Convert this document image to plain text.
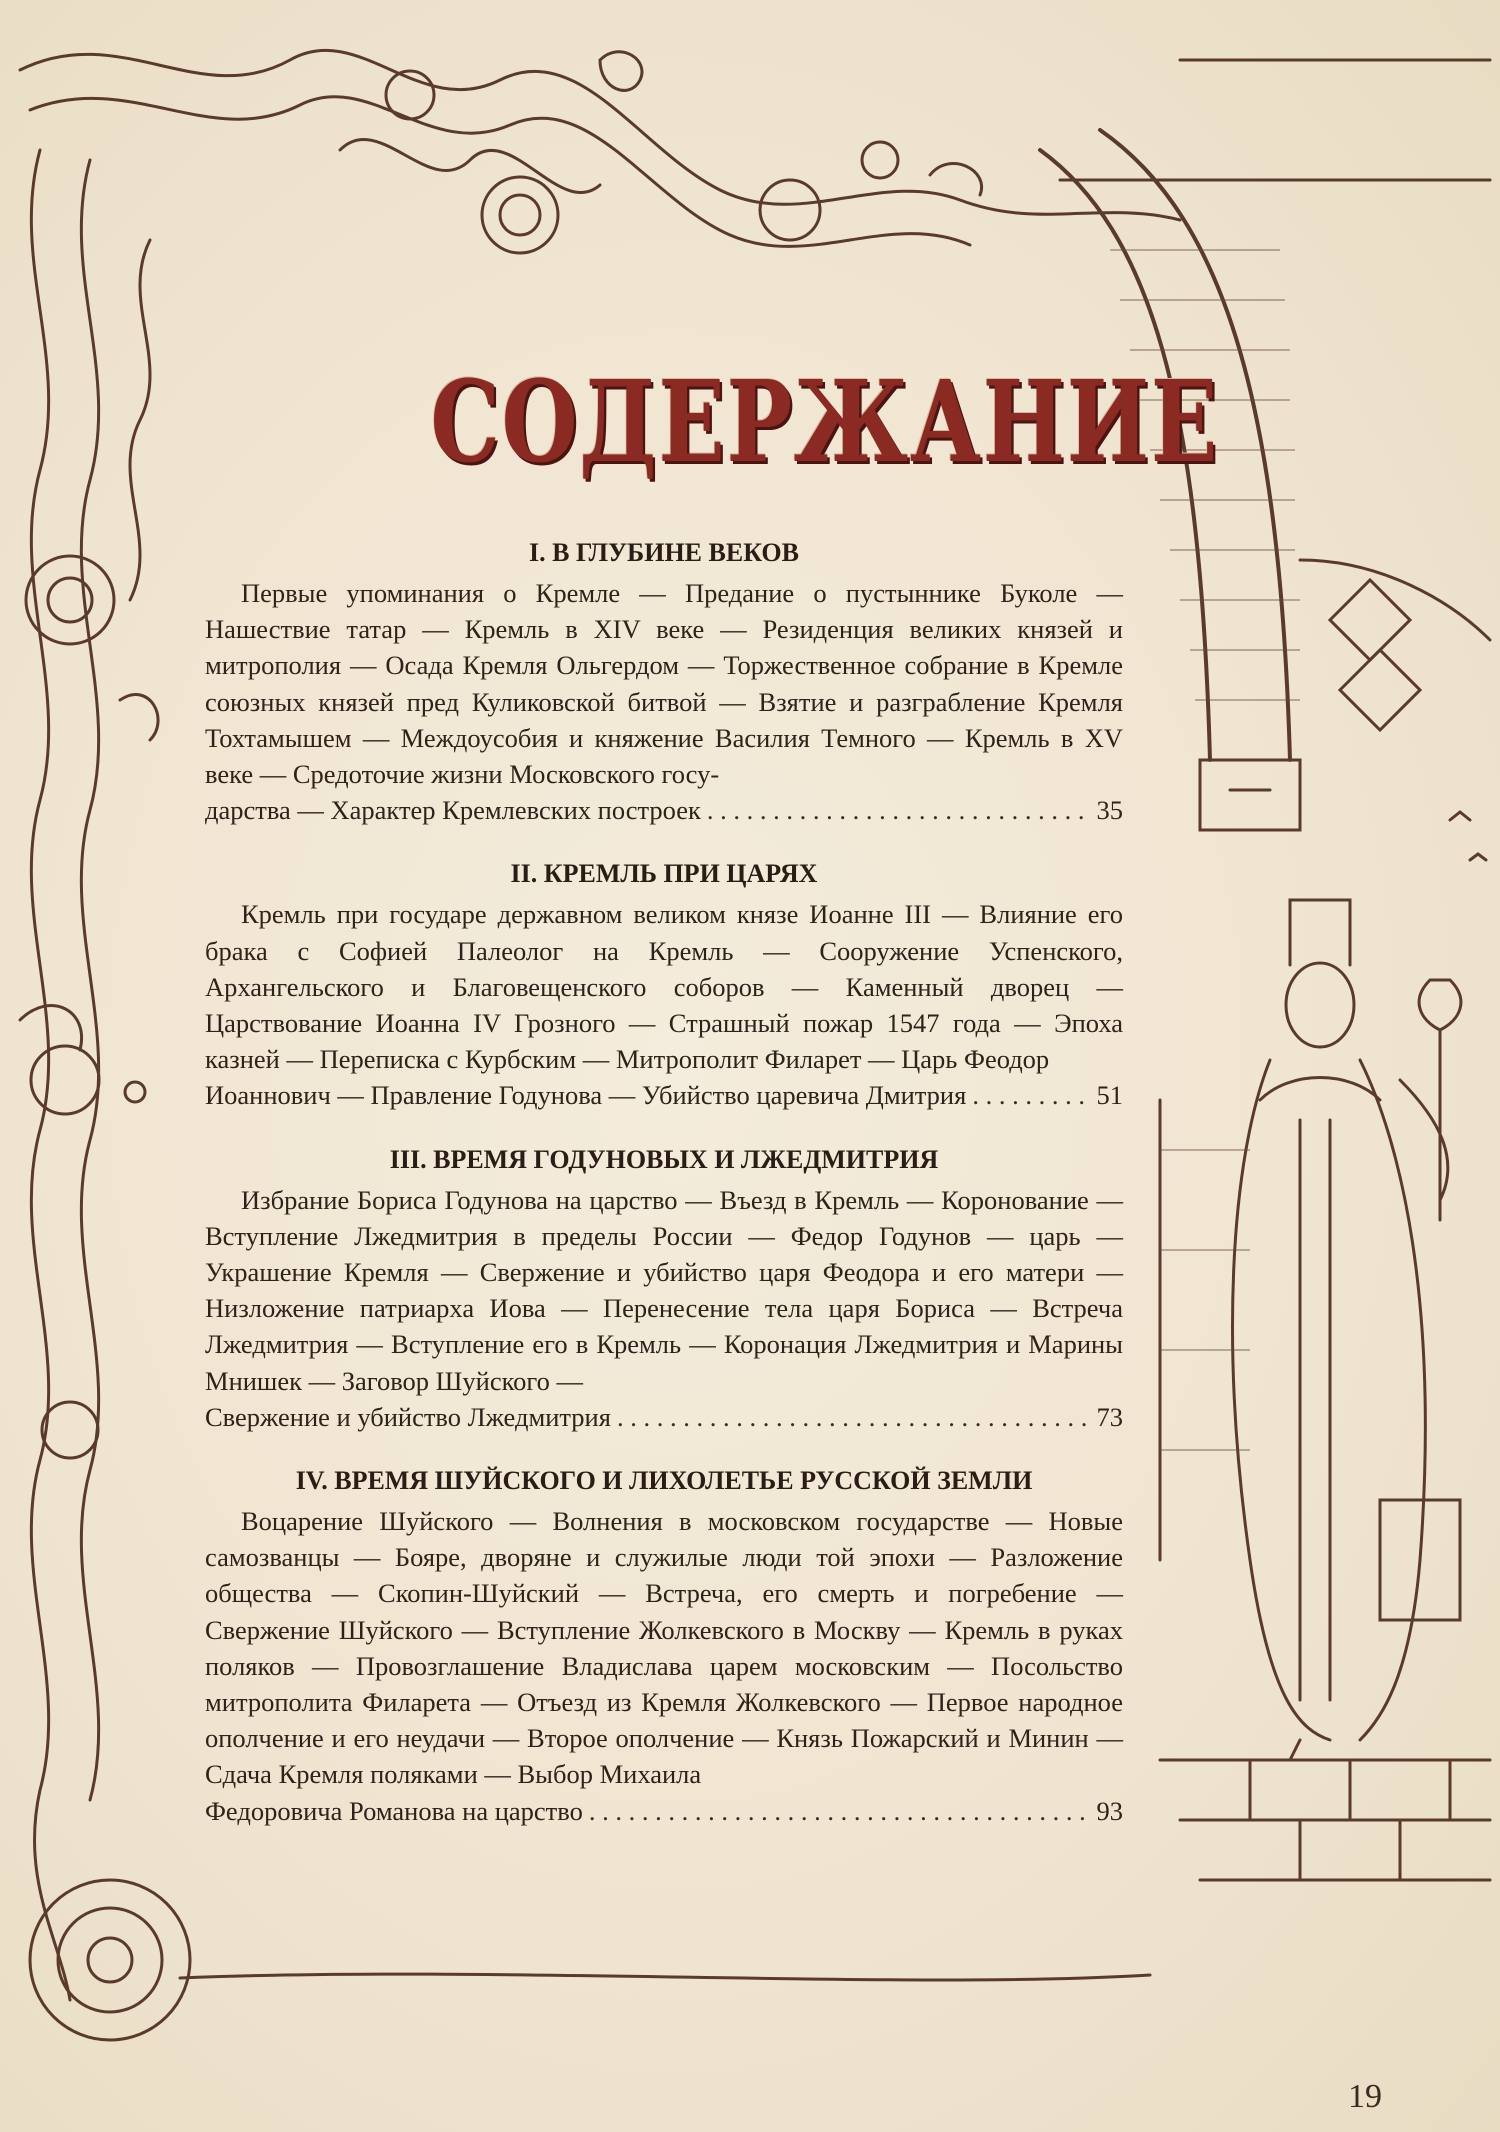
СОДЕРЖАНИЕ
I. В ГЛУБИНЕ ВЕКОВ
Первые упоминания о Кремле — Предание о пустыннике Буколе — Нашествие татар — Кремль в XIV веке — Резиденция великих князей и митрополия — Осада Кремля Ольгердом — Торжественное собрание в Кремле союзных князей пред Куликовской битвой — Взятие и разграбление Кремля Тохтамышем — Междоусобия и княжение Василия Темного — Кремль в XV веке — Средоточие жизни Московского госу-
дарства — Характер Кремлевских построек . . .	35
II. КРЕМЛЬ ПРИ ЦАРЯХ
Кремль при государе державном великом князе Иоанне III — Влияние его брака с Софией Палеолог на Кремль — Сооружение Успенского, Архангельского и Благовещенского соборов — Каменный дворец — Царствование Иоанна IV Грозного — Страшный пожар 1547 года — Эпоха казней — Переписка с Курбским — Митрополит Филарет — Царь Феодор
Иоаннович — Правление Годунова — Убийство царевича Дмитрия . . .	51
III. ВРЕМЯ ГОДУНОВЫХ И ЛЖЕДМИТРИЯ
Избрание Бориса Годунова на царство — Въезд в Кремль — Коронование — Вступление Лжедмитрия в пределы России — Федор Годунов — царь — Украшение Кремля — Свержение и убийство царя Феодора и его матери — Низложение патриарха Иова — Перенесение тела царя Бориса — Встреча Лжедмитрия — Вступление его в Кремль — Коронация Лжедмитрия и Марины Мнишек — Заговор Шуйского —
Свержение и убийство Лжедмитрия . . .	73
IV. ВРЕМЯ ШУЙСКОГО И ЛИХОЛЕТЬЕ РУССКОЙ ЗЕМЛИ
Воцарение Шуйского — Волнения в московском государстве — Новые самозванцы — Бояре, дворяне и служилые люди той эпохи — Разложение общества — Скопин-Шуйский — Встреча, его смерть и погребение — Свержение Шуйского — Вступление Жолкевского в Москву — Кремль в руках поляков — Провозглашение Владислава царем московским — Посольство митрополита Филарета — Отъезд из Кремля Жолкевского — Первое народное ополчение и его неудачи — Второе ополчение — Князь Пожарский и Минин — Сдача Кремля поляками — Выбор Михаила
Федоровича Романова на царство . . .	93
19
